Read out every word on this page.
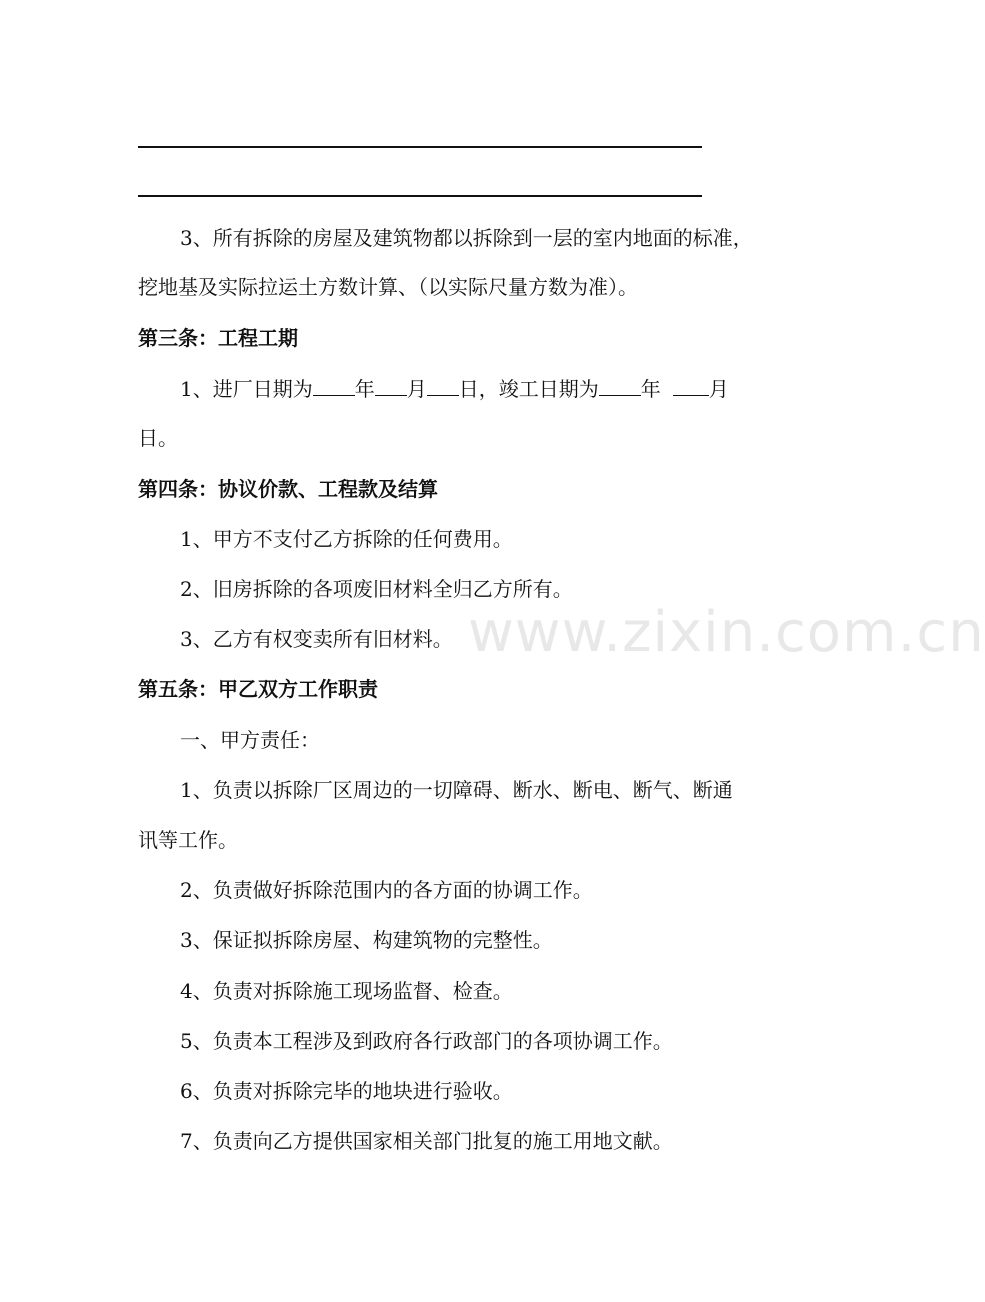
3、所有拆除的房屋及建筑物都以拆除到一层的室内地面的标准，
挖地基及实际拉运土方数计算、（以实际尺量方数为准）。
第三条：工程工期
1、进厂日期为 年 月 日，竣工日期为 年 月
日。
第四条：协议价款、工程款及结算
1、甲方不支付乙方拆除的任何费用。
2、旧房拆除的各项废旧材料全归乙方所有。
3、乙方有权变卖所有旧材料。
第五条：甲乙双方工作职责
一、甲方责任：
1、负责以拆除厂区周边的一切障碍、断水、断电、断气、断通
讯等工作。
2、负责做好拆除范围内的各方面的协调工作。
3、保证拟拆除房屋、构建筑物的完整性。
4、负责对拆除施工现场监督、检查。
5、负责本工程涉及到政府各行政部门的各项协调工作。
6、负责对拆除完毕的地块进行验收。
7、负责向乙方提供国家相关部门批复的施工用地文献。
www.zixin.com.cn
